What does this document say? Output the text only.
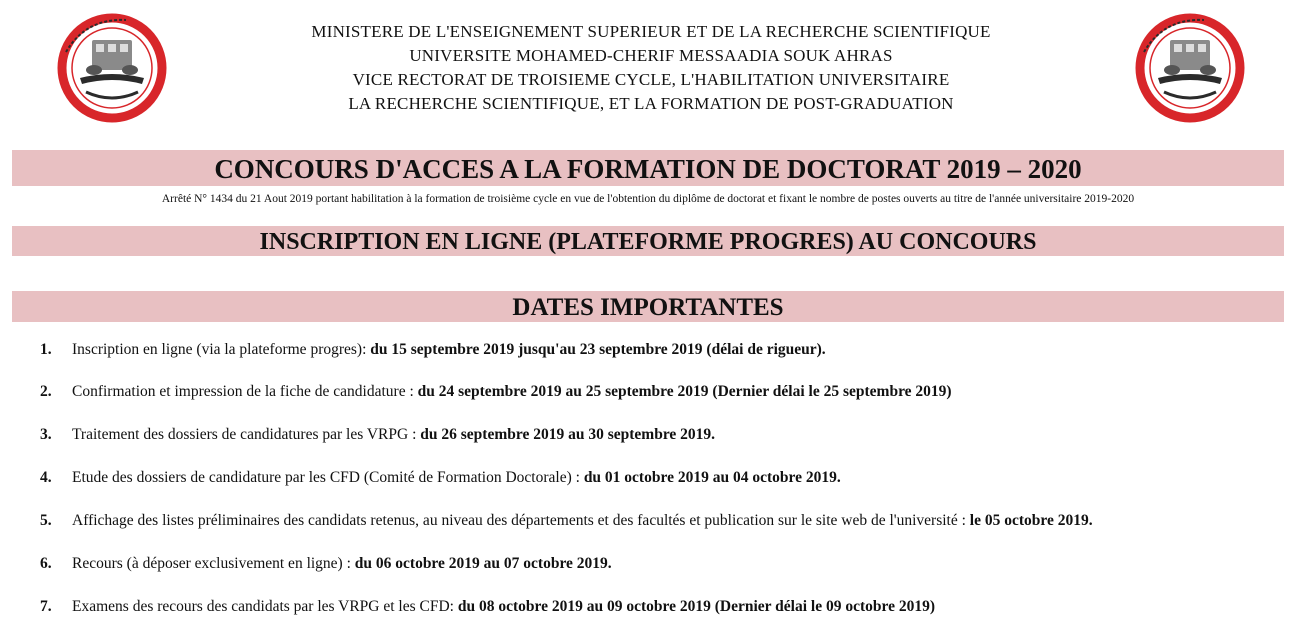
MINISTERE DE L'ENSEIGNEMENT SUPERIEUR ET DE LA RECHERCHE SCIENTIFIQUE
UNIVERSITE MOHAMED-CHERIF MESSAADIA SOUK AHRAS
VICE RECTORAT DE TROISIEME CYCLE, L'HABILITATION UNIVERSITAIRE
LA RECHERCHE SCIENTIFIQUE, ET LA FORMATION DE POST-GRADUATION
CONCOURS D'ACCES A LA FORMATION DE DOCTORAT 2019 – 2020
Arrêté N° 1434 du 21 Aout 2019 portant habilitation à la formation de troisième cycle en vue de l'obtention du diplôme de doctorat et fixant le nombre de postes ouverts au titre de l'année universitaire 2019-2020
INSCRIPTION EN LIGNE (PLATEFORME PROGRES) AU CONCOURS
DATES IMPORTANTES
1. Inscription en ligne (via la plateforme progres): du 15 septembre 2019 jusqu'au 23 septembre 2019 (délai de rigueur).
2. Confirmation et impression de la fiche de candidature : du 24 septembre 2019 au 25 septembre 2019 (Dernier délai le 25 septembre 2019)
3. Traitement des dossiers de candidatures par les VRPG : du 26 septembre 2019 au 30 septembre 2019.
4. Etude des dossiers de candidature par les CFD (Comité de Formation Doctorale) : du 01 octobre 2019 au 04 octobre 2019.
5. Affichage des listes préliminaires des candidats retenus, au niveau des départements et des facultés et publication sur le site web de l'université : le 05 octobre 2019.
6. Recours (à déposer exclusivement en ligne) : du 06 octobre 2019 au 07 octobre 2019.
7. Examens des recours des candidats par les VRPG et les CFD: du 08 octobre 2019 au 09 octobre 2019 (Dernier délai le 09 octobre 2019)
